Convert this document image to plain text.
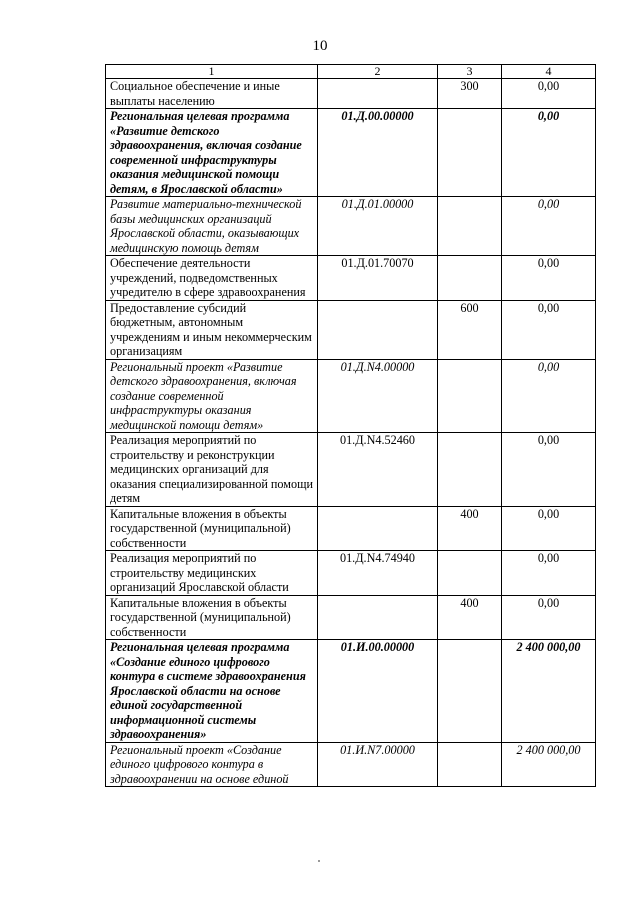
10
1	2	3	4
Социальное обеспечение и иные выплаты населению		300	0,00
Региональная целевая программа «Развитие детского здравоохранения, включая создание современной инфраструктуры оказания медицинской помощи детям, в Ярославской области»	01.Д.00.00000		0,00
Развитие материально-технической базы медицинских организаций Ярославской области, оказывающих медицинскую помощь детям	01.Д.01.00000		0,00
Обеспечение деятельности учреждений, подведомственных учредителю в сфере здравоохранения	01.Д.01.70070		0,00
Предоставление субсидий бюджетным, автономным учреждениям и иным некоммерческим организациям		600	0,00
Региональный проект «Развитие детского здравоохранения, включая создание современной инфраструктуры оказания медицинской помощи детям»	01.Д.N4.00000		0,00
Реализация мероприятий по строительству и реконструкции медицинских организаций для оказания специализированной помощи детям	01.Д.N4.52460		0,00
Капитальные вложения в объекты государственной (муниципальной) собственности		400	0,00
Реализация мероприятий по строительству медицинских организаций Ярославской области	01.Д.N4.74940		0,00
Капитальные вложения в объекты государственной (муниципальной) собственности		400	0,00
Региональная целевая программа «Создание единого цифрового контура в системе здравоохранения Ярославской области на основе единой государственной информационной системы здравоохранения»	01.И.00.00000		2 400 000,00
Региональный проект «Создание единого цифрового контура в здравоохранении на основе единой	01.И.N7.00000		2 400 000,00
